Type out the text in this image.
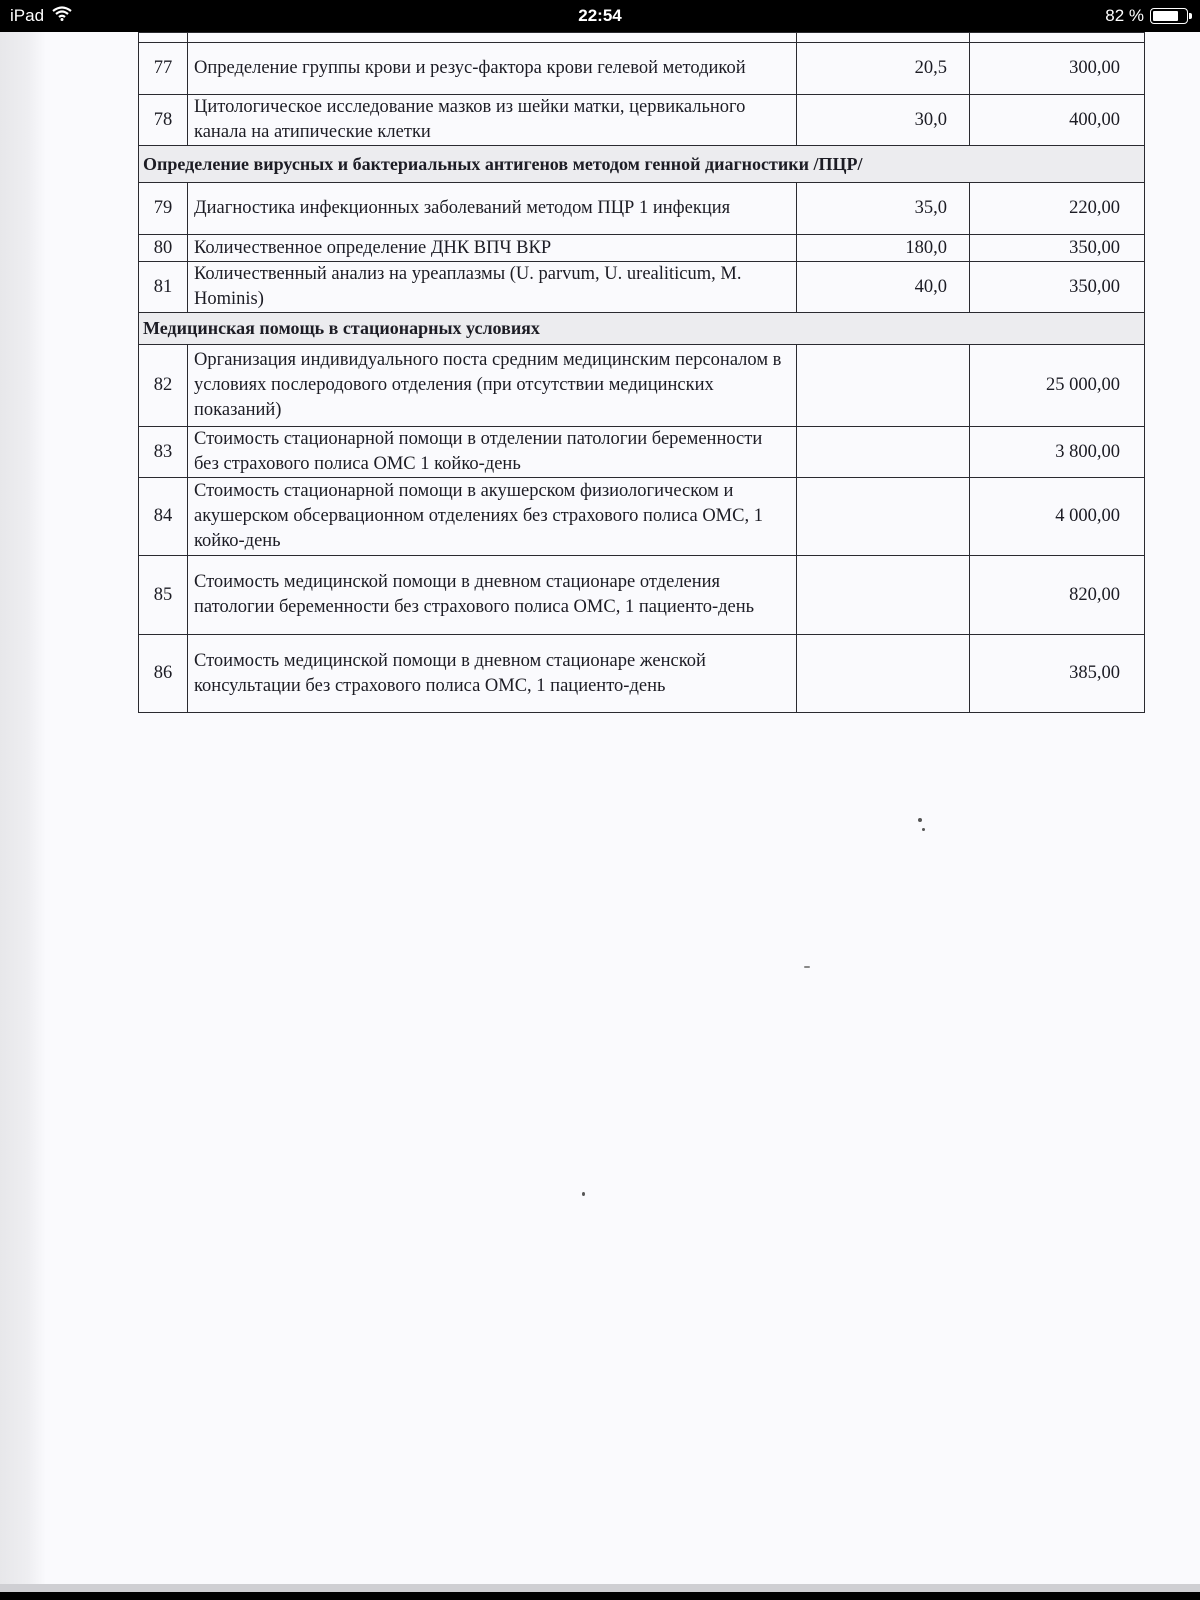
iPad	22:54	82 %

77	Определение группы крови и резус-фактора крови гелевой методикой	20,5	300,00
78	Цитологическое исследование мазков из шейки матки, цервикального канала на атипические клетки	30,0	400,00
Определение вирусных и бактериальных антигенов методом генной диагностики /ПЦР/			
79	Диагностика инфекционных заболеваний методом ПЦР 1 инфекция	35,0	220,00
80	Количественное определение ДНК ВПЧ ВКР	180,0	350,00
81	Количественный анализ на уреаплазмы (U. parvum, U. urealiticum, M. Hominis)	40,0	350,00
Медицинская помощь в стационарных условиях			
82	Организация индивидуального поста средним медицинским персоналом в условиях послеродового отделения (при отсутствии медицинских показаний)		25 000,00
83	Стоимость стационарной помощи в отделении патологии беременности без страхового полиса ОМС 1 койко-день		3 800,00
84	Стоимость стационарной помощи в акушерском физиологическом и акушерском обсервационном отделениях без страхового полиса ОМС, 1 койко-день		4 000,00
85	Стоимость медицинской помощи в дневном стационаре отделения патологии беременности без страхового полиса ОМС, 1 пациенто-день		820,00
86	Стоимость медицинской помощи в дневном стационаре женской консультации без страхового полиса ОМС, 1 пациенто-день		385,00
